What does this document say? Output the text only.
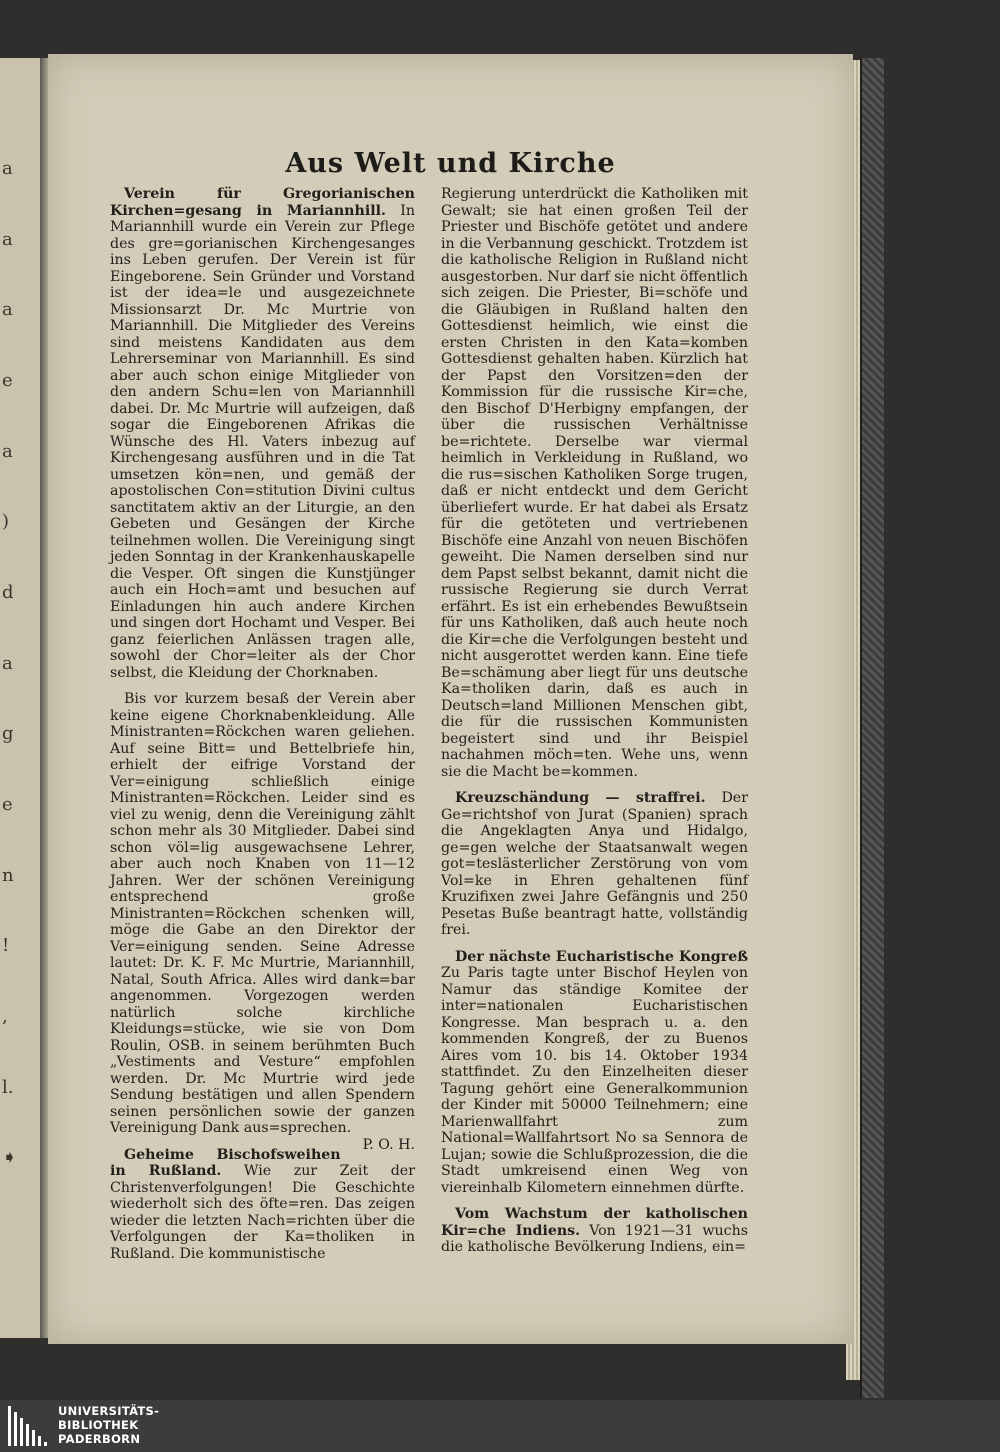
a
a
a
e
a
)
d
a
g
e
n
!
,
l.
➧
Aus Welt und Kirche

Verein für Gregorianischen Kirchen=gesang in Mariannhill. In Mariannhill wurde ein Verein zur Pflege des gre=gorianischen Kirchengesanges ins Leben gerufen. Der Verein ist für Eingeborene. Sein Gründer und Vorstand ist der idea=le und ausgezeichnete Missionsarzt Dr. Mc Murtrie von Mariannhill. Die Mitglieder des Vereins sind meistens Kandidaten aus dem Lehrerseminar von Mariannhill. Es sind aber auch schon einige Mitglieder von den andern Schu=len von Mariannhill dabei. Dr. Mc Murtrie will aufzeigen, daß sogar die Eingeborenen Afrikas die Wünsche des Hl. Vaters inbezug auf Kirchengesang ausführen und in die Tat umsetzen kön=nen, und gemäß der apostolischen Con=stitution Divini cultus sanctitatem aktiv an der Liturgie, an den Gebeten und Gesängen der Kirche teilnehmen wollen. Die Vereinigung singt jeden Sonntag in der Krankenhauskapelle die Vesper. Oft singen die Kunstjünger auch ein Hoch=amt und besuchen auf Einladungen hin auch andere Kirchen und singen dort Hochamt und Vesper. Bei ganz feierlichen Anlässen tragen alle, sowohl der Chor=leiter als der Chor selbst, die Kleidung der Chorknaben.

Bis vor kurzem besaß der Verein aber keine eigene Chorknabenkleidung. Alle Ministranten=Röckchen waren geliehen. Auf seine Bitt= und Bettelbriefe hin, erhielt der eifrige Vorstand der Ver=einigung schließlich einige Ministranten=Röckchen. Leider sind es viel zu wenig, denn die Vereinigung zählt schon mehr als 30 Mitglieder. Dabei sind schon völ=lig ausgewachsene Lehrer, aber auch noch Knaben von 11—12 Jahren. Wer der schönen Vereinigung entsprechend große Ministranten=Röckchen schenken will, möge die Gabe an den Direktor der Ver=einigung senden. Seine Adresse lautet: Dr. K. F. Mc Murtrie, Mariannhill, Natal, South Africa. Alles wird dank=bar angenommen. Vorgezogen werden natürlich solche kirchliche Kleidungs=stücke, wie sie von Dom Roulin, OSB. in seinem berühmten Buch „Vestiments and Vesture“ empfohlen werden. Dr. Mc Murtrie wird jede Sendung bestätigen und allen Spendern seinen persönlichen sowie der ganzen Vereinigung Dank aus=sprechen.
P. O. H.

Geheime Bischofsweihen in Rußland. Wie zur Zeit der Christenverfolgungen! Die Geschichte wiederholt sich des öfte=ren. Das zeigen wieder die letzten Nach=richten über die Verfolgungen der Ka=tholiken in Rußland. Die kommunistische

Regierung unterdrückt die Katholiken mit Gewalt; sie hat einen großen Teil der Priester und Bischöfe getötet und andere in die Verbannung geschickt. Trotzdem ist die katholische Religion in Rußland nicht ausgestorben. Nur darf sie nicht öffentlich sich zeigen. Die Priester, Bi=schöfe und die Gläubigen in Rußland halten den Gottesdienst heimlich, wie einst die ersten Christen in den Kata=komben Gottesdienst gehalten haben. Kürzlich hat der Papst den Vorsitzen=den der Kommission für die russische Kir=che, den Bischof D'Herbigny empfangen, der über die russischen Verhältnisse be=richtete. Derselbe war viermal heimlich in Verkleidung in Rußland, wo die rus=sischen Katholiken Sorge trugen, daß er nicht entdeckt und dem Gericht überliefert wurde. Er hat dabei als Ersatz für die getöteten und vertriebenen Bischöfe eine Anzahl von neuen Bischöfen geweiht. Die Namen derselben sind nur dem Papst selbst bekannt, damit nicht die russische Regierung sie durch Verrat erfährt. Es ist ein erhebendes Bewußtsein für uns Katholiken, daß auch heute noch die Kir=che die Verfolgungen besteht und nicht ausgerottet werden kann. Eine tiefe Be=schämung aber liegt für uns deutsche Ka=tholiken darin, daß es auch in Deutsch=land Millionen Menschen gibt, die für die russischen Kommunisten begeistert sind und ihr Beispiel nachahmen möch=ten. Wehe uns, wenn sie die Macht be=kommen.

Kreuzschändung — straffrei. Der Ge=richtshof von Jurat (Spanien) sprach die Angeklagten Anya und Hidalgo, ge=gen welche der Staatsanwalt wegen got=teslästerlicher Zerstörung von vom Vol=ke in Ehren gehaltenen fünf Kruzifixen zwei Jahre Gefängnis und 250 Pesetas Buße beantragt hatte, vollständig frei.

Der nächste Eucharistische Kongreß Zu Paris tagte unter Bischof Heylen von Namur das ständige Komitee der inter=nationalen Eucharistischen Kongresse. Man besprach u. a. den kommenden Kongreß, der zu Buenos Aires vom 10. bis 14. Oktober 1934 stattfindet. Zu den Einzelheiten dieser Tagung gehört eine Generalkommunion der Kinder mit 50000 Teilnehmern; eine Marienwallfahrt zum National=Wallfahrtsort No sa Sennora de Lujan; sowie die Schlußprozession, die die Stadt umkreisend einen Weg von viereinhalb Kilometern einnehmen dürfte.

Vom Wachstum der katholischen Kir=che Indiens. Von 1921—31 wuchs die katholische Bevölkerung Indiens, ein=

UNIVERSITÄTS-
BIBLIOTHEK
PADERBORN
